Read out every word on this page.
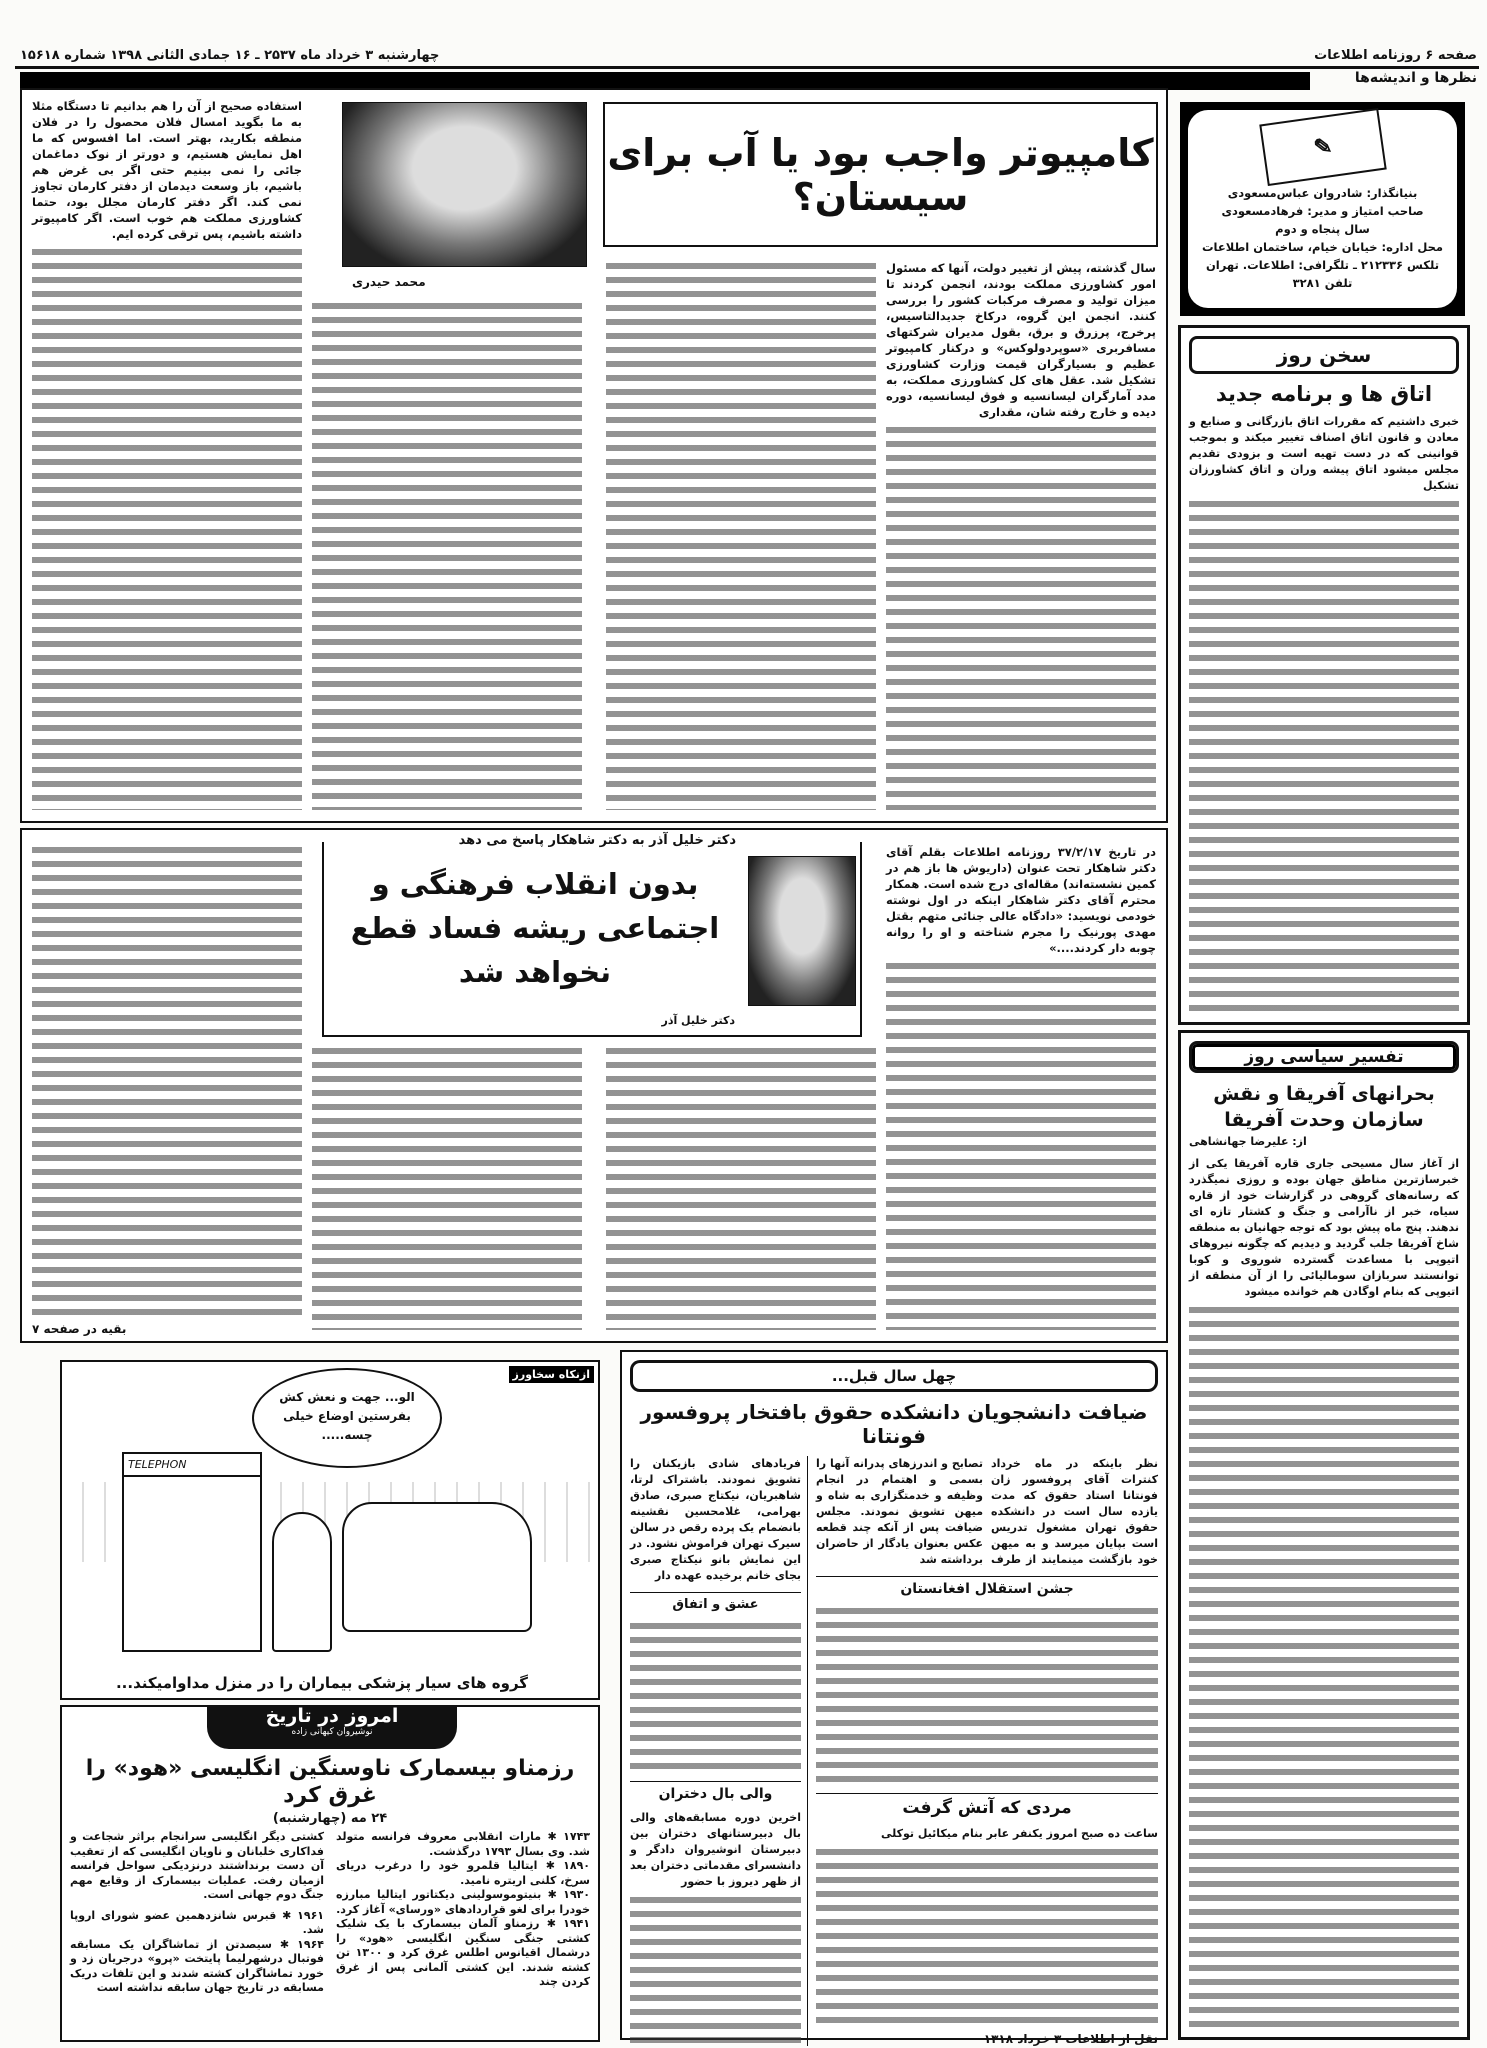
صفحه ۶ روزنامه اطلاعات
چهارشنبه ۳ خرداد ماه ۲۵۳۷ ـ ۱۶ جمادی الثانی ۱۳۹۸ شماره ۱۵۶۱۸
نظرها و اندیشه‌ها
✎
بنیانگذار: شادروان عباس‌مسعودی
صاحب امتیاز و مدیر: فرهادمسعودی
سال پنجاه و دوم
محل اداره: خیابان خیام، ساختمان اطلاعات
تلکس ۲۱۲۳۳۶ ـ تلگرافی: اطلاعات. تهران
تلفن ۳۲۸۱
سخن روز
اتاق ها و برنامه جدید
خبری داشتیم که مقررات اتاق بازرگانی و صنایع و معادن و قانون اتاق اصناف تغییر میکند و بموجب قوانینی که در دست تهیه است و بزودی تقدیم مجلس میشود اتاق پیشه وران و اتاق کشاورزان تشکیل
تفسیر سیاسی روز
بحرانهای آفریقا و نقش سازمان وحدت آفریقا
از: علیرضا جهانشاهی
از آغاز سال مسیحی جاری قاره آفریقا یکی از خبرسازترین مناطق جهان بوده و روزی نمیگذرد که رسانه‌های گروهی در گزارشات خود از قاره سیاه، خبر از ناآرامی و جنگ و کشتار تازه ای ندهند. پنج ماه پیش بود که توجه جهانیان به منطقه شاخ آفریقا جلب گردید و دیدیم که چگونه نیروهای اتیوپی با مساعدت گسترده شوروی و کوبا توانستند سربازان سومالیائی را از آن منطقه از اتیوپی که بنام اوگادن هم خوانده میشود
کامپیوتر واجب بود یا آب برای سیستان؟
محمد حیدری
سال گذشته، پیش از تغییر دولت، آنها که مسئول امور کشاورزی مملکت بودند، انجمن کردند تا میزان تولید و مصرف مرکبات کشور را بررسی کنند. انجمن این گروه، درکاخ جدیدالتاسیس، پرخرج، پرزرق و برق، بقول مدیران شرکتهای مسافربری «سوپردولوکس» و درکنار کامپیوتر عظیم و بسیارگران قیمت وزارت کشاورزی تشکیل شد. عقل های کل کشاورزی مملکت، به مدد آمارگران لیسانسیه و فوق لیسانسیه، دوره دیده و خارج رفته شان، مقداری
استفاده صحیح از آن را هم بدانیم تا دستگاه مثلا به ما بگوید امسال فلان محصول را در فلان منطقه بکارید، بهتر است. اما افسوس که ما اهل نمایش هستیم، و دورتر از نوک دماغمان جائی را نمی بینیم حتی اگر بی غرض هم باشیم، باز وسعت دیدمان از دفتر کارمان تجاوز نمی کند. اگر دفتر کارمان مجلل بود، حتما کشاورزی مملکت هم خوب است. اگر کامپیوتر داشته باشیم، پس ترقی کرده ایم.
دکتر خلیل آذر به دکتر شاهکار پاسخ می دهد
بدون انقلاب فرهنگی و اجتماعی ریشه فساد قطع نخواهد شد
دکتر خلیل آذر
در تاریخ ۳۷/۲/۱۷ روزنامه اطلاعات بقلم آقای دکتر شاهکار تحت عنوان (داریوش ها باز هم در کمین نشسته‌اند) مقاله‌ای درج شده است. همکار محترم آقای دکتر شاهکار اینکه در اول نوشته خودمی نویسید: «دادگاه عالی جنائی متهم بقتل مهدی پورنیک را مجرم شناخته و او را روانه چوبه دار کردند....»
بقیه در صفحه ۷
ازنکاه سخاورز
الو... جهت و نعش کش بفرستین اوضاع خیلی چسه.....
TELEPHON
گروه های سیار پزشکی بیماران را در منزل مداوامیکند...
امروز در تاریخ
نوشیروان کیهانی زاده
رزمناو بیسمارک ناوسنگین انگلیسی «هود» را غرق کرد
۲۴ مه (چهارشنبه)
۱۷۴۳ ✱ مارات انقلابی معروف فرانسه متولد شد. وی بسال ۱۷۹۳ درگذشت.
۱۸۹۰ ✱ ایتالیا قلمرو خود را درغرب دریای سرخ، کلنی اریتره نامید.
۱۹۳۰ ✱ بنیتوموسولینی دیکتاتور ایتالیا مبارزه خودرا برای لغو قراردادهای «ورسای» آغاز کرد.
۱۹۴۱ ✱ رزمناو آلمان بیسمارک با یک شلیک کشتی جنگی سنگین انگلیسی «هود» را درشمال اقیانوس اطلس غرق کرد و ۱۳۰۰ تن کشته شدند. این کشتی آلمانی پس از غرق کردن چند
کشتی دیگر انگلیسی سرانجام براثر شجاعت و فداکاری خلبانان و ناویان انگلیسی که از تعقیب آن دست برنداشتند درنزدیکی سواحل فرانسه ازمیان رفت. عملیات بیسمارک از وقایع مهم جنگ دوم جهانی است.
۱۹۶۱ ✱ قبرس شانزدهمین عضو شورای اروپا شد.
۱۹۶۴ ✱ سیصدتن از تماشاگران یک مسابقه فوتبال درشهرلیما پایتخت «پرو» درجریان زد و خورد تماشاگران کشته شدند و این تلفات دریک مسابقه در تاریخ جهان سابقه نداشته است
چهل سال قبل...
ضیافت دانشجویان دانشکده حقوق بافتخار پروفسور فونتانا
نظر باینکه در ماه خرداد کنترات آقای پروفسور زان فونتانا استاد حقوق که مدت یازده سال است در دانشکده حقوق تهران مشغول تدریس است بپایان میرسد و به میهن خود بازگشت مینمایند از طرف تصابح و اندرزهای پدرانه آنها را بسمی و اهتمام در انجام وظیفه و خدمتگزاری به شاه و میهن تشویق نمودند. مجلس ضیافت پس از آنکه چند قطعه عکس بعنوان یادگار از حاضران برداشته شد
جشن استقلال افغانستان
مردی که آتش گرفت
ساعت ده صبح امروز یکنفر عابر بنام میکائیل توکلی
نقل از اطلاعات ۳ خرداد ۱۳۱۸
فریادهای شادی بازیکنان را تشویق نمودند. باشتراک لرتا، شاهبریان، نیکتاج صبری، صادق بهرامی، غلامحسین نقشینه بانضمام یک پرده رقص در سالن سیرک تهران فراموش نشود. در این نمایش بانو نیکتاج صبری بجای خانم برخیده عهده دار
عشق و اتفاق
والی بال دختران
اخرین دوره مسابقه‌های والی بال دبیرستانهای دختران بین دبیرستان انوشیروان دادگر و دانشسرای مقدماتی دختران بعد از ظهر دیروز با حضور
